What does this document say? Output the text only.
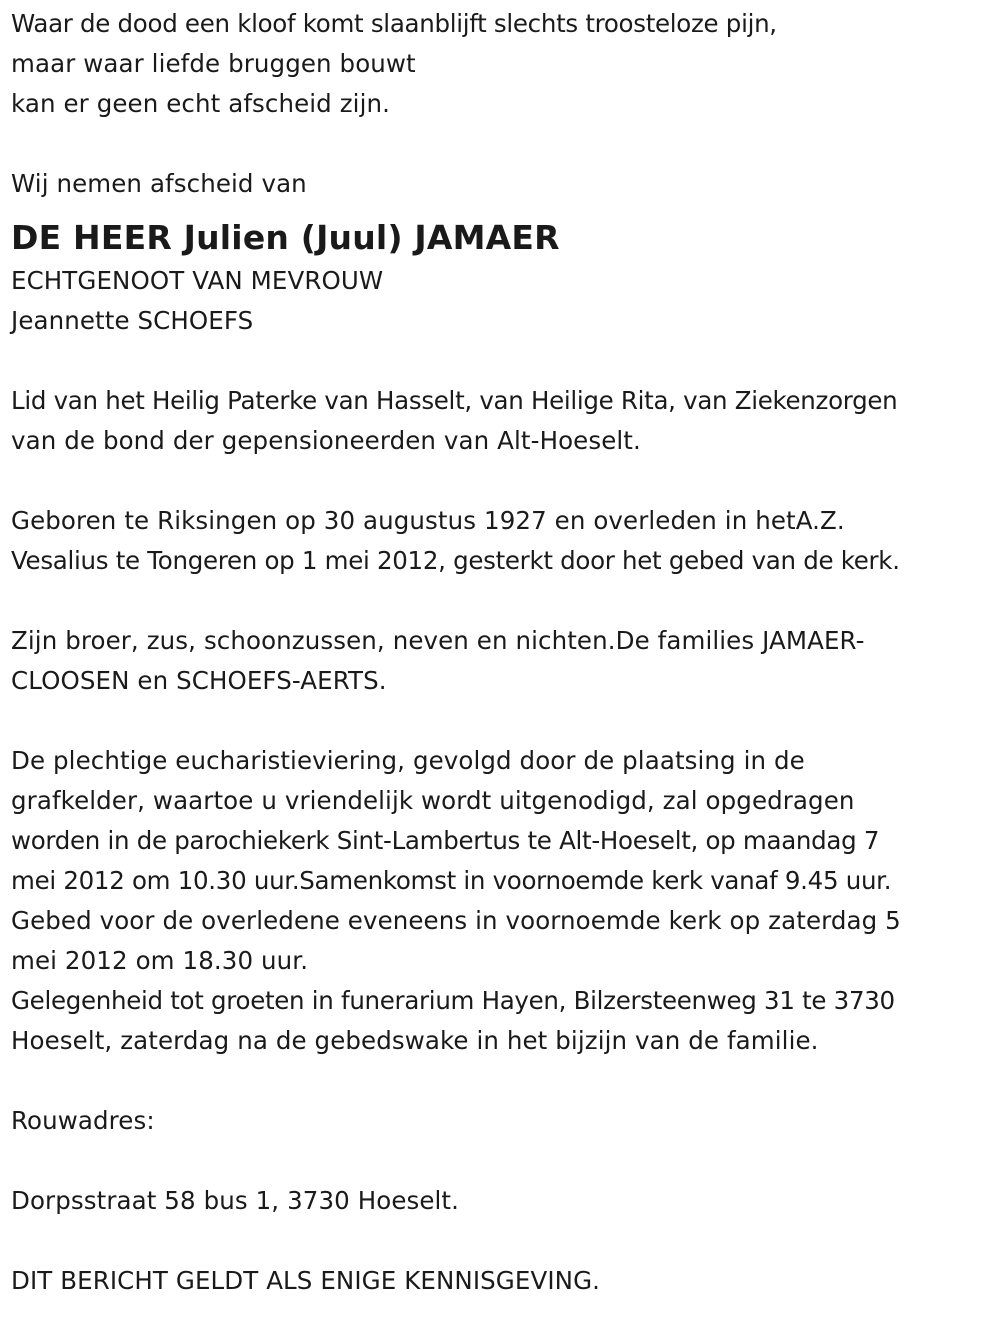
Waar de dood een kloof komt slaanblijft slechts troosteloze pijn,
maar waar liefde bruggen bouwt
kan er geen echt afscheid zijn.
Wij nemen afscheid van
DE HEER Julien (Juul) JAMAER
ECHTGENOOT VAN MEVROUW
Jeannette SCHOEFS
Lid van het Heilig Paterke van Hasselt, van Heilige Rita, van Ziekenzorgen
van de bond der gepensioneerden van Alt-Hoeselt.
Geboren te Riksingen op 30 augustus 1927 en overleden in hetA.Z.
Vesalius te Tongeren op 1 mei 2012, gesterkt door het gebed van de kerk.
Zijn broer, zus, schoonzussen, neven en nichten.De families JAMAER-
CLOOSEN en SCHOEFS-AERTS.
De plechtige eucharistieviering, gevolgd door de plaatsing in de
grafkelder, waartoe u vriendelijk wordt uitgenodigd, zal opgedragen
worden in de parochiekerk Sint-Lambertus te Alt-Hoeselt, op maandag 7
mei 2012 om 10.30 uur.Samenkomst in voornoemde kerk vanaf 9.45 uur.
Gebed voor de overledene eveneens in voornoemde kerk op zaterdag 5
mei 2012 om 18.30 uur.
Gelegenheid tot groeten in funerarium Hayen, Bilzersteenweg 31 te 3730
Hoeselt, zaterdag na de gebedswake in het bijzijn van de familie.
Rouwadres:
Dorpsstraat 58 bus 1, 3730 Hoeselt.
DIT BERICHT GELDT ALS ENIGE KENNISGEVING.
